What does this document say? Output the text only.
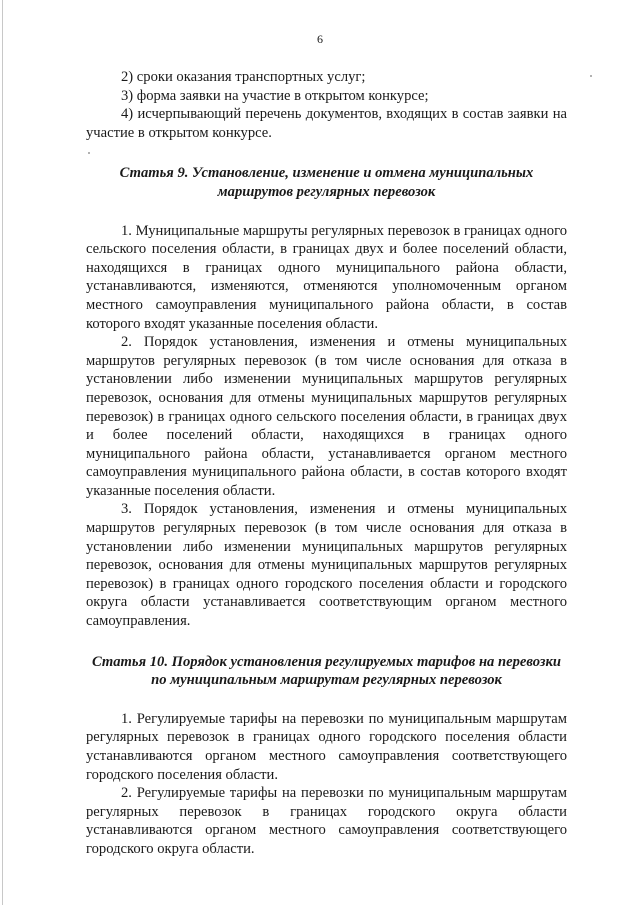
6

2) сроки оказания транспортных услуг;

3) форма заявки на участие в открытом конкурсе;

4) исчерпывающий перечень документов, входящих в состав заявки на участие в открытом конкурсе.

Статья 9. Установление, изменение и отмена муниципальных

маршрутов регулярных перевозок

1. Муниципальные маршруты регулярных перевозок в границах одного сельского поселения области, в границах двух и более поселений области, находящихся в границах одного муниципального района области, устанавливаются, изменяются, отменяются уполномоченным органом местного самоуправления муниципального района области, в состав которого входят указанные поселения области.

2. Порядок установления, изменения и отмены муниципальных маршрутов регулярных перевозок (в том числе основания для отказа в установлении либо изменении муниципальных маршрутов регулярных перевозок, основания для отмены муниципальных маршрутов регулярных перевозок) в границах одного сельского поселения области, в границах двух и более поселений области, находящихся в границах одного муниципального района области, устанавливается органом местного самоуправления муниципального района области, в состав которого входят указанные поселения области.

3. Порядок установления, изменения и отмены муниципальных маршрутов регулярных перевозок (в том числе основания для отказа в установлении либо изменении муниципальных маршрутов регулярных перевозок, основания для отмены муниципальных маршрутов регулярных перевозок) в границах одного городского поселения области и городского округа области устанавливается соответствующим органом местного самоуправления.

Статья 10. Порядок установления регулируемых тарифов на перевозки

по муниципальным маршрутам регулярных перевозок

1. Регулируемые тарифы на перевозки по муниципальным маршрутам регулярных перевозок в границах одного городского поселения области устанавливаются органом местного самоуправления соответствующего городского поселения области.

2. Регулируемые тарифы на перевозки по муниципальным маршрутам регулярных перевозок в границах городского округа области устанавливаются органом местного самоуправления соответствующего городского округа области.
